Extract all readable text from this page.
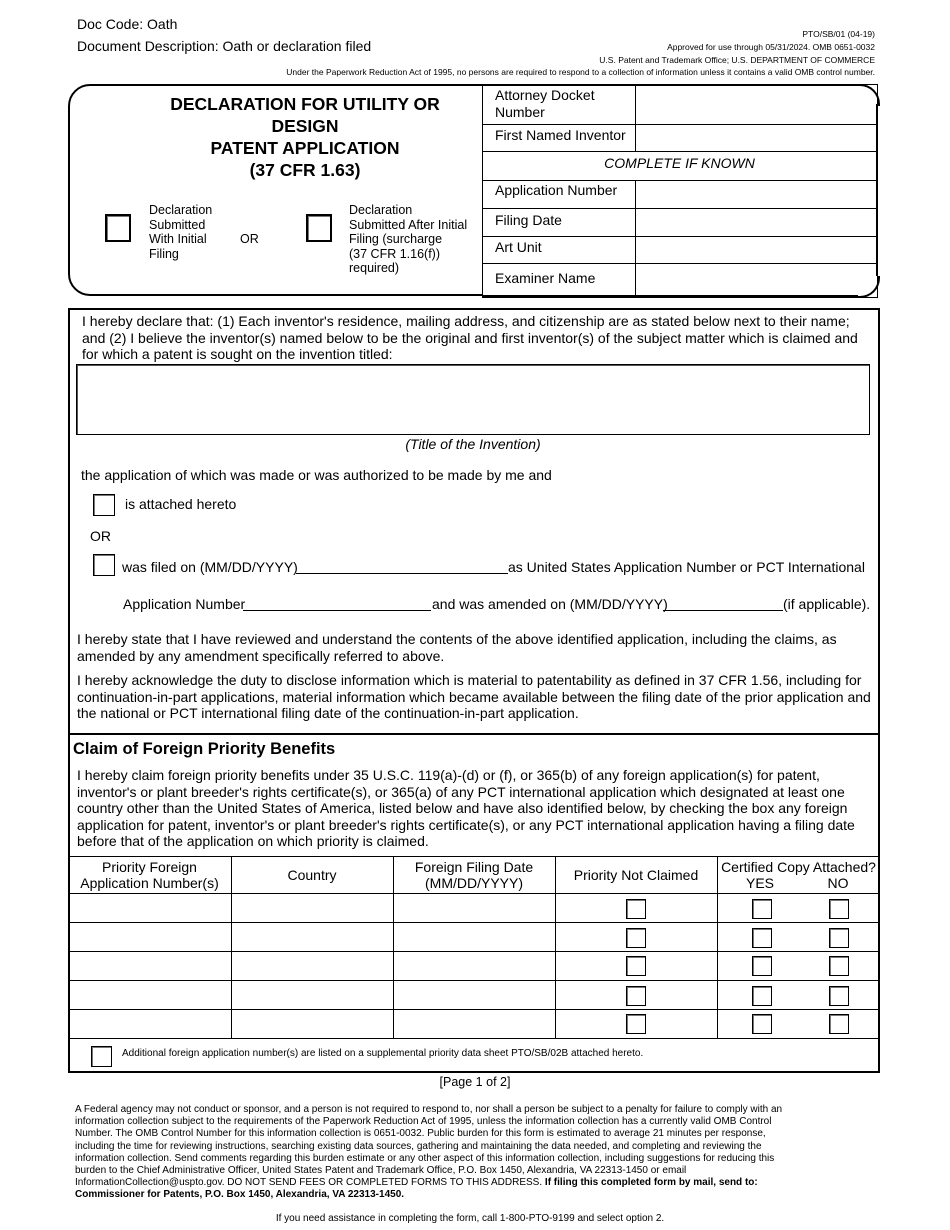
Doc Code: Oath
Document Description: Oath or declaration filed
PTO/SB/01 (04-19)
Approved for use through 05/31/2024. OMB 0651-0032
U.S. Patent and Trademark Office; U.S. DEPARTMENT OF COMMERCE
Under the Paperwork Reduction Act of 1995, no persons are required to respond to a collection of information unless it contains a valid OMB control number.
DECLARATION FOR UTILITY OR
DESIGN
PATENT APPLICATION
(37 CFR 1.63)
Declaration
Submitted
With Initial
Filing
OR
Declaration
Submitted After Initial
Filing (surcharge
(37 CFR 1.16(f))
required)
Attorney Docket
Number
First Named Inventor
COMPLETE IF KNOWN
Application Number
Filing Date
Art Unit
Examiner Name
I hereby declare that: (1) Each inventor's residence, mailing address, and citizenship are as stated below next to their name;
and (2) I believe the inventor(s) named below to be the original and first inventor(s) of the subject matter which is claimed and
for which a patent is sought on the invention titled:
(Title of the Invention)
the application of which was made or was authorized to be made by me and
is attached hereto
OR
was filed on (MM/DD/YYYY)	as United States Application Number or PCT International
Application Number	and was amended on (MM/DD/YYYY)	(if applicable).
I hereby state that I have reviewed and understand the contents of the above identified application, including the claims, as
amended by any amendment specifically referred to above.
I hereby acknowledge the duty to disclose information which is material to patentability as defined in 37 CFR 1.56, including for
continuation-in-part applications, material information which became available between the filing date of the prior application and
the national or PCT international filing date of the continuation-in-part application.
Claim of Foreign Priority Benefits
I hereby claim foreign priority benefits under 35 U.S.C. 119(a)-(d) or (f), or 365(b) of any foreign application(s) for patent,
inventor's or plant breeder's rights certificate(s), or 365(a) of any PCT international application which designated at least one
country other than the United States of America, listed below and have also identified below, by checking the box any foreign
application for patent, inventor's or plant breeder's rights certificate(s), or any PCT international application having a filing date
before that of the application on which priority is claimed.
Priority Foreign
Application Number(s)	Country	Foreign Filing Date
(MM/DD/YYYY)	Priority Not Claimed	Certified Copy Attached?
YES	NO
Additional foreign application number(s) are listed on a supplemental priority data sheet PTO/SB/02B attached hereto.
[Page 1 of 2]
A Federal agency may not conduct or sponsor, and a person is not required to respond to, nor shall a person be subject to a penalty for failure to comply with an
information collection subject to the requirements of the Paperwork Reduction Act of 1995, unless the information collection has a currently valid OMB Control
Number. The OMB Control Number for this information collection is 0651-0032. Public burden for this form is estimated to average 21 minutes per response,
including the time for reviewing instructions, searching existing data sources, gathering and maintaining the data needed, and completing and reviewing the
information collection. Send comments regarding this burden estimate or any other aspect of this information collection, including suggestions for reducing this
burden to the Chief Administrative Officer, United States Patent and Trademark Office, P.O. Box 1450, Alexandria, VA 22313-1450 or email
InformationCollection@uspto.gov. DO NOT SEND FEES OR COMPLETED FORMS TO THIS ADDRESS. If filing this completed form by mail, send to:
Commissioner for Patents, P.O. Box 1450, Alexandria, VA 22313-1450.
If you need assistance in completing the form, call 1-800-PTO-9199 and select option 2.
